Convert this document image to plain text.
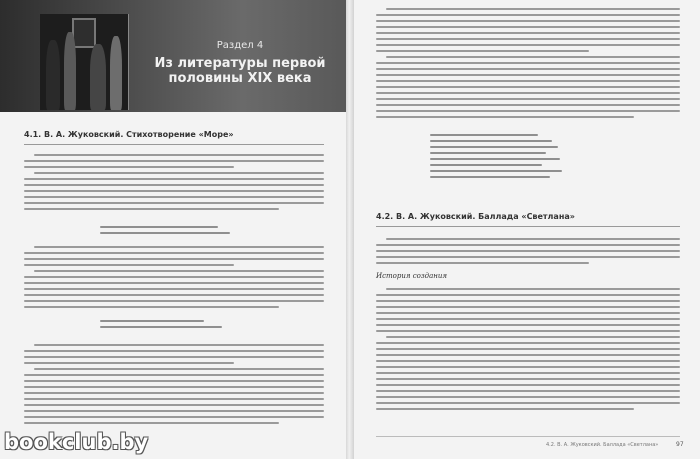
Раздел 4
Из литературы первой половины XIX века
4.1. В. А. Жуковский. Стихотворение «Море»
4.2. В. А. Жуковский. Баллада «Светлана»
История создания
4.2. В. А. Жуковский. Баллада «Светлана»	97
bookclub.by
